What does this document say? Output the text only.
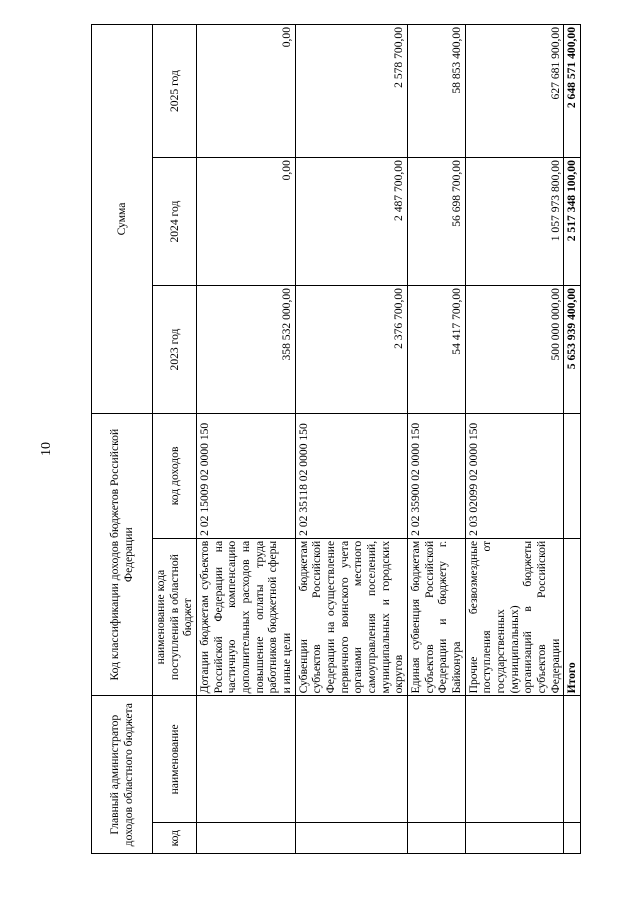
10
Главный администратор доходов областного бюджета		Код классификации доходов бюджетов Российской Федерации		Сумма		
код	наименование	наименование кода поступлений в областной бюджет	код доходов	2023 год	2024 год	2025 год
		Дотации бюджетам субъектов Российской Федерации на частичную компенсацию дополнительных расходов на повышение оплаты труда работников бюджетной сферы и иные цели	2 02 15009 02 0000 150	358 532 000,00	0,00	0,00
		Субвенции бюджетам субъектов Российской Федерации на осуществление первичного воинского учета органами местного самоуправления поселений, муниципальных и городских округов	2 02 35118 02 0000 150	2 376 700,00	2 487 700,00	2 578 700,00
		Единая субвенция бюджетам субъектов Российской Федерации и бюджету г. Байконура	2 02 35900 02 0000 150	54 417 700,00	56 698 700,00	58 853 400,00
		Прочие безвозмездные поступления от государственных (муниципальных) организаций в бюджеты субъектов Российской Федерации	2 03 02099 02 0000 150	500 000 000,00	1 057 973 800,00	627 681 900,00
		Итого		5 653 939 400,00	2 517 348 100,00	2 648 571 400,00
